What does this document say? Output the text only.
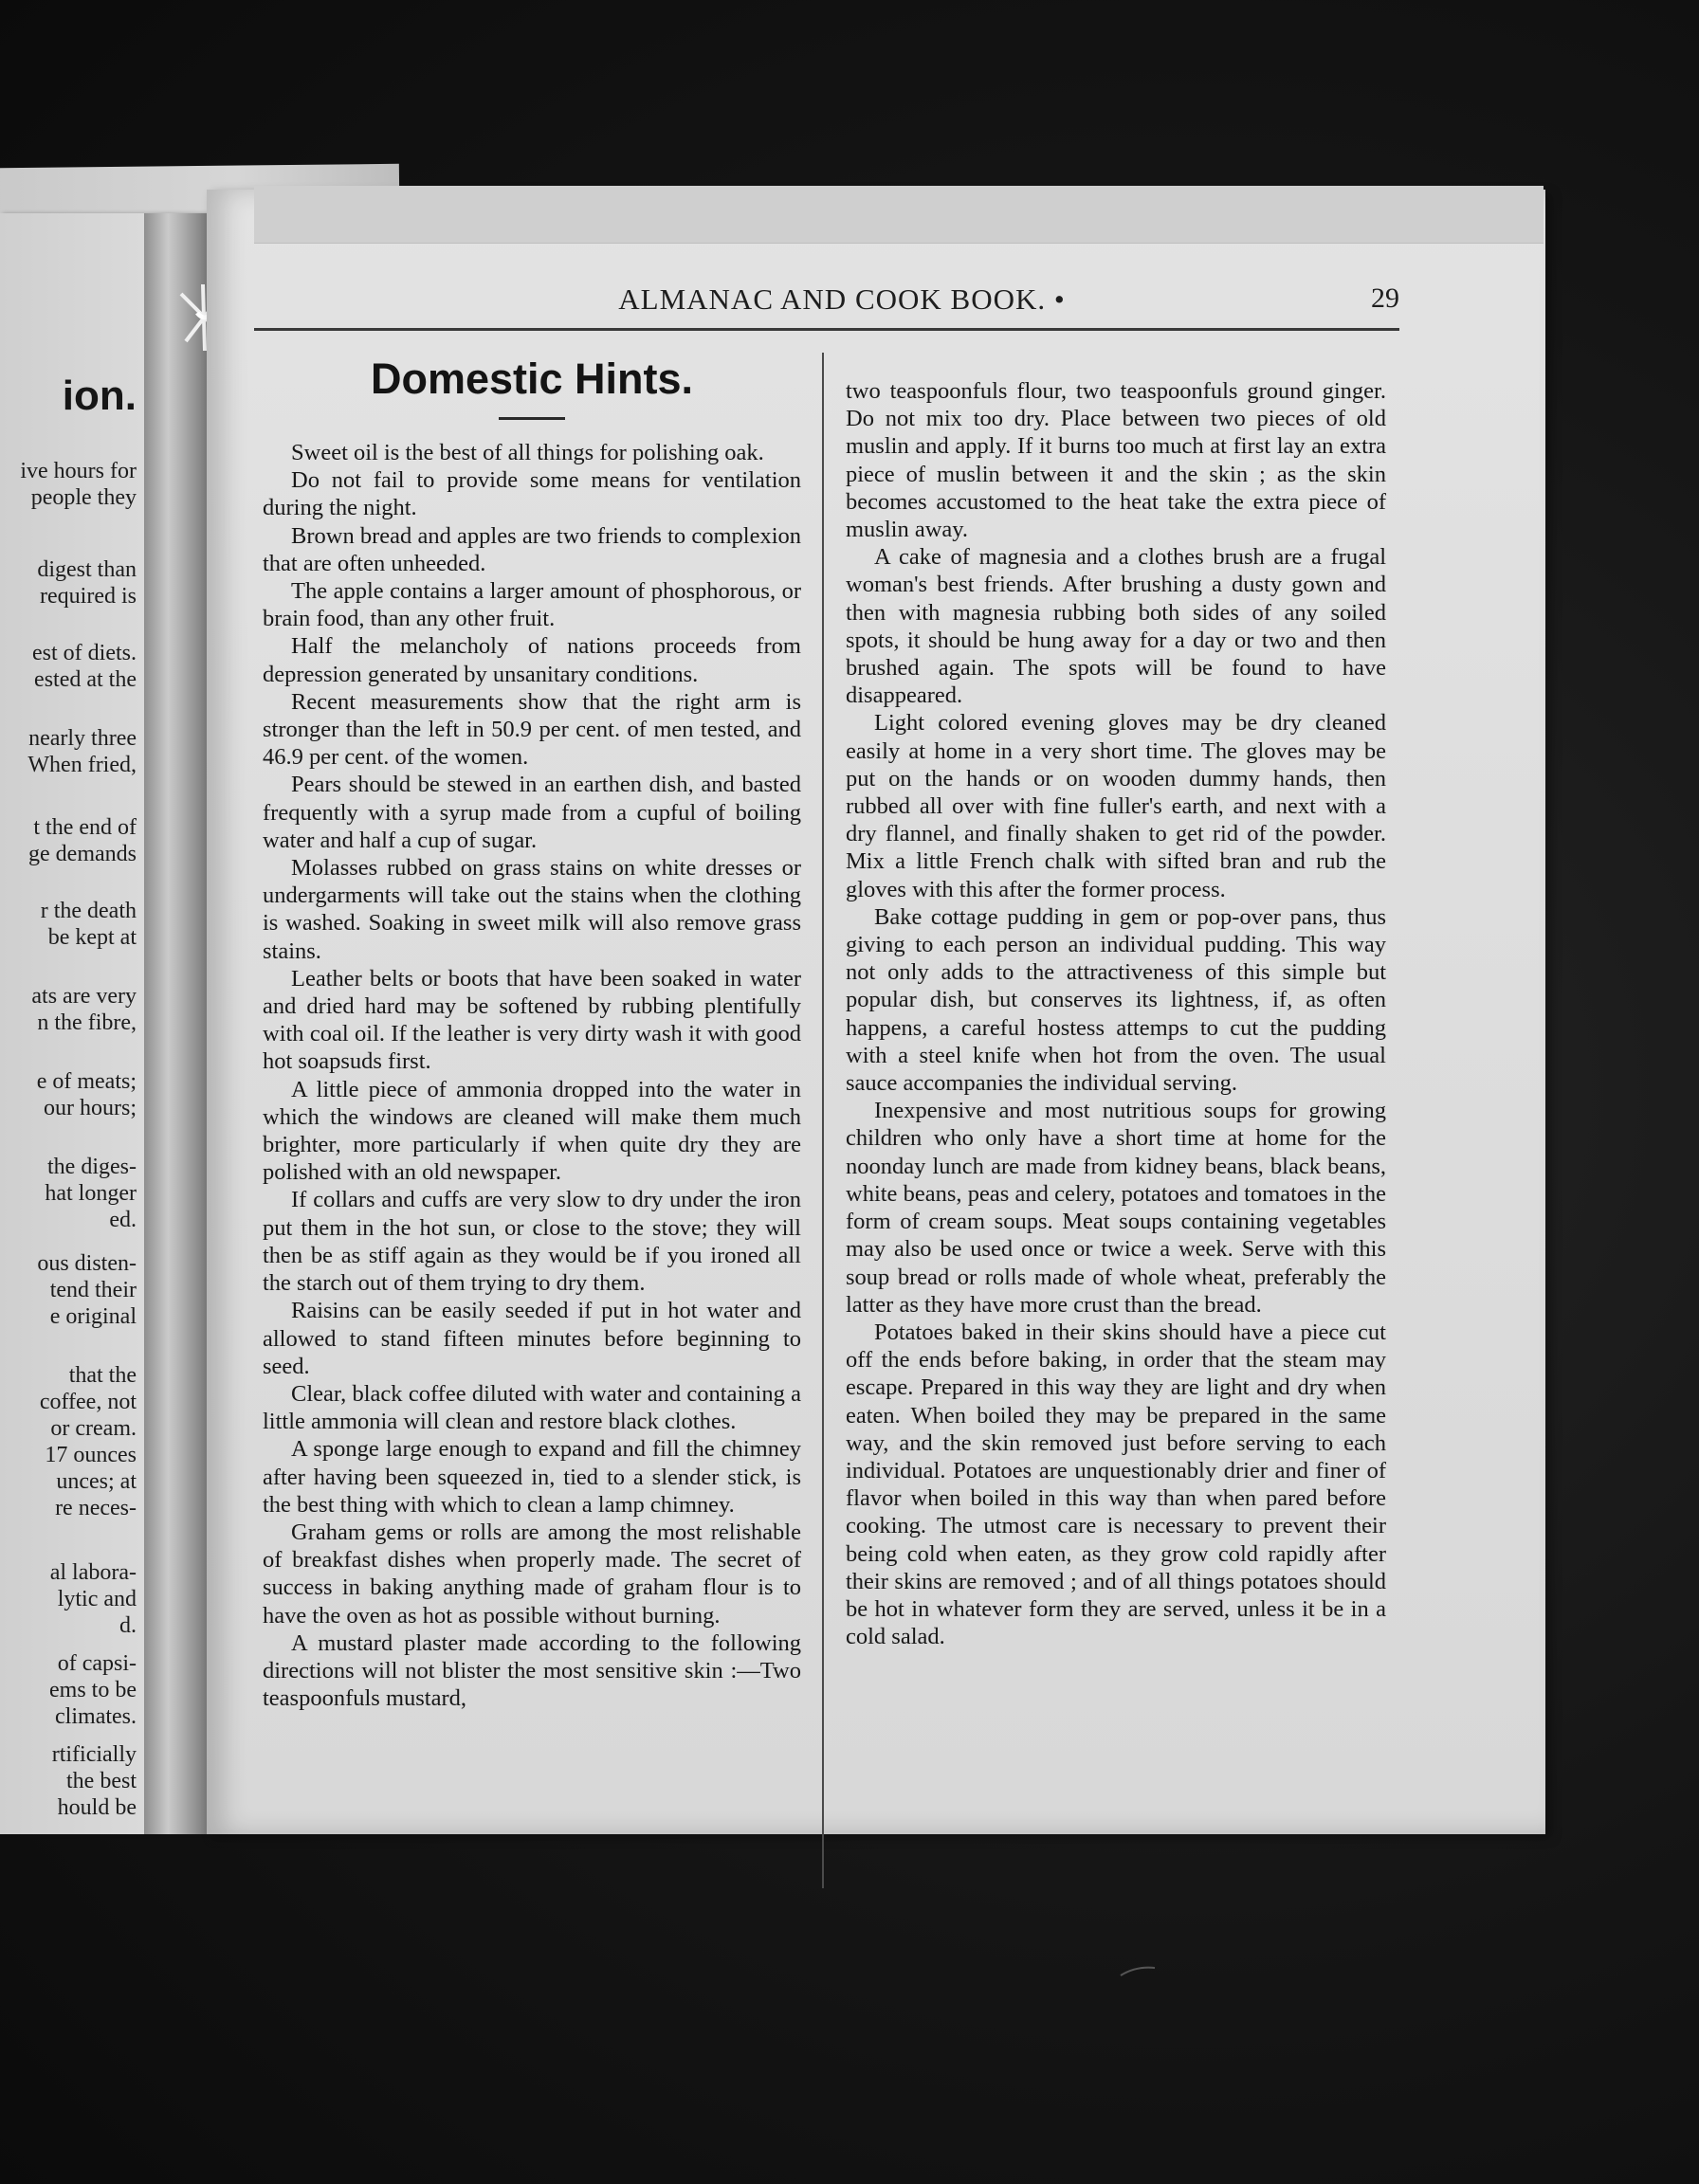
ion.
ive hours for
people they
digest than
required is
est of diets.
ested at the
nearly three
When fried,
t the end of
ge demands
r the death
be kept at
ats are very
n the fibre,
e of meats;
our hours;
the diges-
hat longer
ed.
ous disten-
tend their
e original
that the
coffee, not
or cream.
17 ounces
unces; at
re neces-
al labora-
lytic and
d.
of capsi-
ems to be
climates.
rtificially
the best
hould be
ALMANAC AND COOK BOOK. •	29
Domestic Hints.

Sweet oil is the best of all things for polishing oak.

Do not fail to provide some means for ventilation during the night.

Brown bread and apples are two friends to complexion that are often unheeded.

The apple contains a larger amount of phosphorous, or brain food, than any other fruit.

Half the melancholy of nations proceeds from depression generated by unsanitary conditions.

Recent measurements show that the right arm is stronger than the left in 50.9 per cent. of men tested, and 46.9 per cent. of the women.

Pears should be stewed in an earthen dish, and basted frequently with a syrup made from a cupful of boiling water and half a cup of sugar.

Molasses rubbed on grass stains on white dresses or undergarments will take out the stains when the clothing is washed. Soaking in sweet milk will also remove grass stains.

Leather belts or boots that have been soaked in water and dried hard may be softened by rubbing plentifully with coal oil. If the leather is very dirty wash it with good hot soapsuds first.

A little piece of ammonia dropped into the water in which the windows are cleaned will make them much brighter, more particularly if when quite dry they are polished with an old newspaper.

If collars and cuffs are very slow to dry under the iron put them in the hot sun, or close to the stove; they will then be as stiff again as they would be if you ironed all the starch out of them trying to dry them.

Raisins can be easily seeded if put in hot water and allowed to stand fifteen minutes before beginning to seed.

Clear, black coffee diluted with water and containing a little ammonia will clean and restore black clothes.

A sponge large enough to expand and fill the chimney after having been squeezed in, tied to a slender stick, is the best thing with which to clean a lamp chimney.

Graham gems or rolls are among the most relishable of breakfast dishes when properly made. The secret of success in baking anything made of graham flour is to have the oven as hot as possible without burning.

A mustard plaster made according to the following directions will not blister the most sensitive skin :—Two teaspoonfuls mustard,

two teaspoonfuls flour, two teaspoonfuls ground ginger. Do not mix too dry. Place between two pieces of old muslin and apply. If it burns too much at first lay an extra piece of muslin between it and the skin ; as the skin becomes accustomed to the heat take the extra piece of muslin away.

A cake of magnesia and a clothes brush are a frugal woman's best friends. After brushing a dusty gown and then with magnesia rubbing both sides of any soiled spots, it should be hung away for a day or two and then brushed again. The spots will be found to have disappeared.

Light colored evening gloves may be dry cleaned easily at home in a very short time. The gloves may be put on the hands or on wooden dummy hands, then rubbed all over with fine fuller's earth, and next with a dry flannel, and finally shaken to get rid of the powder. Mix a little French chalk with sifted bran and rub the gloves with this after the former process.

Bake cottage pudding in gem or pop-over pans, thus giving to each person an individual pudding. This way not only adds to the attractiveness of this simple but popular dish, but conserves its lightness, if, as often happens, a careful hostess attemps to cut the pudding with a steel knife when hot from the oven. The usual sauce accompanies the individual serving.

Inexpensive and most nutritious soups for growing children who only have a short time at home for the noonday lunch are made from kidney beans, black beans, white beans, peas and celery, potatoes and tomatoes in the form of cream soups. Meat soups containing vegetables may also be used once or twice a week. Serve with this soup bread or rolls made of whole wheat, preferably the latter as they have more crust than the bread.

Potatoes baked in their skins should have a piece cut off the ends before baking, in order that the steam may escape. Prepared in this way they are light and dry when eaten. When boiled they may be prepared in the same way, and the skin removed just before serving to each individual. Potatoes are unquestionably drier and finer of flavor when boiled in this way than when pared before cooking. The utmost care is necessary to prevent their being cold when eaten, as they grow cold rapidly after their skins are removed ; and of all things potatoes should be hot in whatever form they are served, unless it be in a cold salad.
